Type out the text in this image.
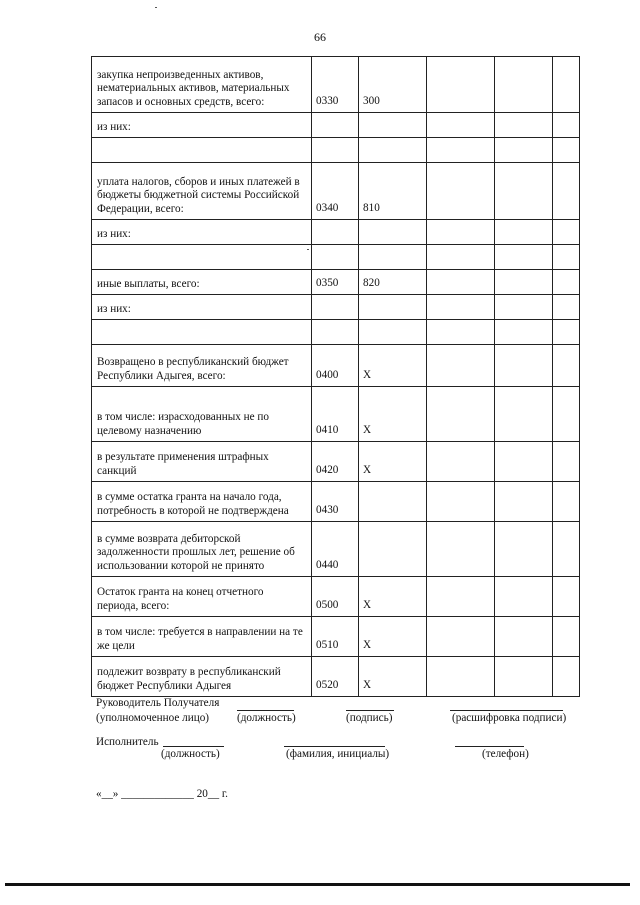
66
закупка непроизведенных активов, нематериальных активов, материальных запасов и основных средств, всего:	0330	300			
из них:					

уплата налогов, сборов и иных платежей в бюджеты бюджетной системы Российской Федерации, всего:	0340	810			
из них:					

иные выплаты, всего:	0350	820			
из них:					

Возвращено в республиканский бюджет Республики Адыгея, всего:	0400	X			
в том числе: израсходованных не по целевому назначению	0410	X			
в результате применения штрафных санкций	0420	X			
в сумме остатка гранта на начало года, потребность в которой не подтверждена	0430				
в сумме возврата дебиторской задолженности прошлых лет, решение об использовании которой не принято	0440				
Остаток гранта на конец отчетного периода, всего:	0500	X			
в том числе: требуется в направлении на те же цели	0510	X			
подлежит возврату в республиканский бюджет Республики Адыгея	0520	X			
Руководитель Получателя
(уполномоченное лицо) (должность)	(подпись)	(расшифровка подписи)
Исполнитель
(должность)	(фамилия, инициалы)	(телефон)
«__» _____________ 20__ г.
